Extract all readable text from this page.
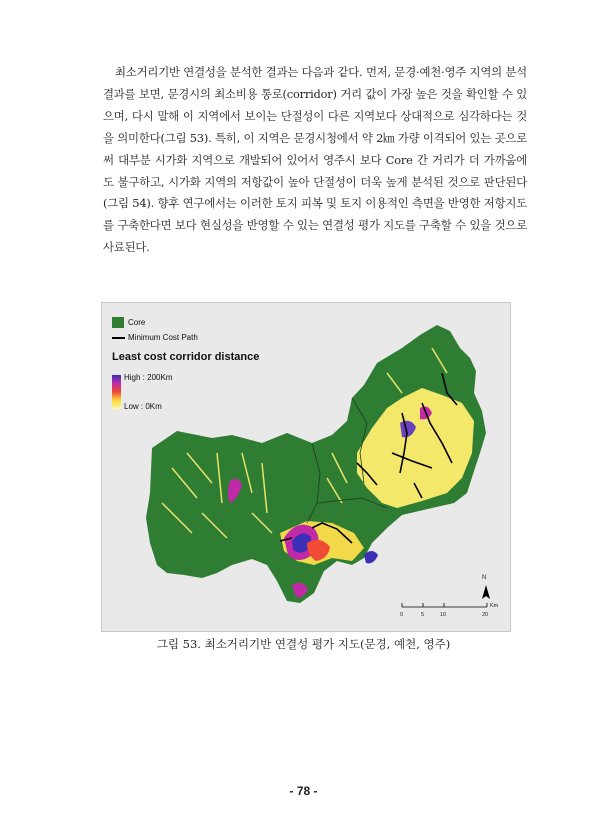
최소거리기반 연결성을 분석한 결과는 다음과 같다. 먼저, 문경·예천·영주 지역의 분석결과를 보면, 문경시의 최소비용 통로(corridor) 거리 값이 가장 높은 것을 확인할 수 있으며, 다시 말해 이 지역에서 보이는 단절성이 다른 지역보다 상대적으로 심각하다는 것을 의미한다(그림 53). 특히, 이 지역은 문경시청에서 약 2㎞ 가량 이격되어 있는 곳으로써 대부분 시가화 지역으로 개발되어 있어서 영주시 보다 Core 간 거리가 더 가까움에도 불구하고, 시가화 지역의 저항값이 높아 단절성이 더욱 높게 분석된 것으로 판단된다(그림 54). 향후 연구에서는 이러한 토지 피복 및 토지 이용적인 측면을 반영한 저항지도를 구축한다면 보다 현실성을 반영할 수 있는 연결성 평가 지도를 구축할 수 있을 것으로 사료된다.

Core
Minimum Cost Path
Least cost corridor distance
High : 200Km
Low : 0Km
N
0	5	10	20
Km

그림 53. 최소거리기반 연결성 평가 지도(문경, 예천, 영주)

- 78 -
